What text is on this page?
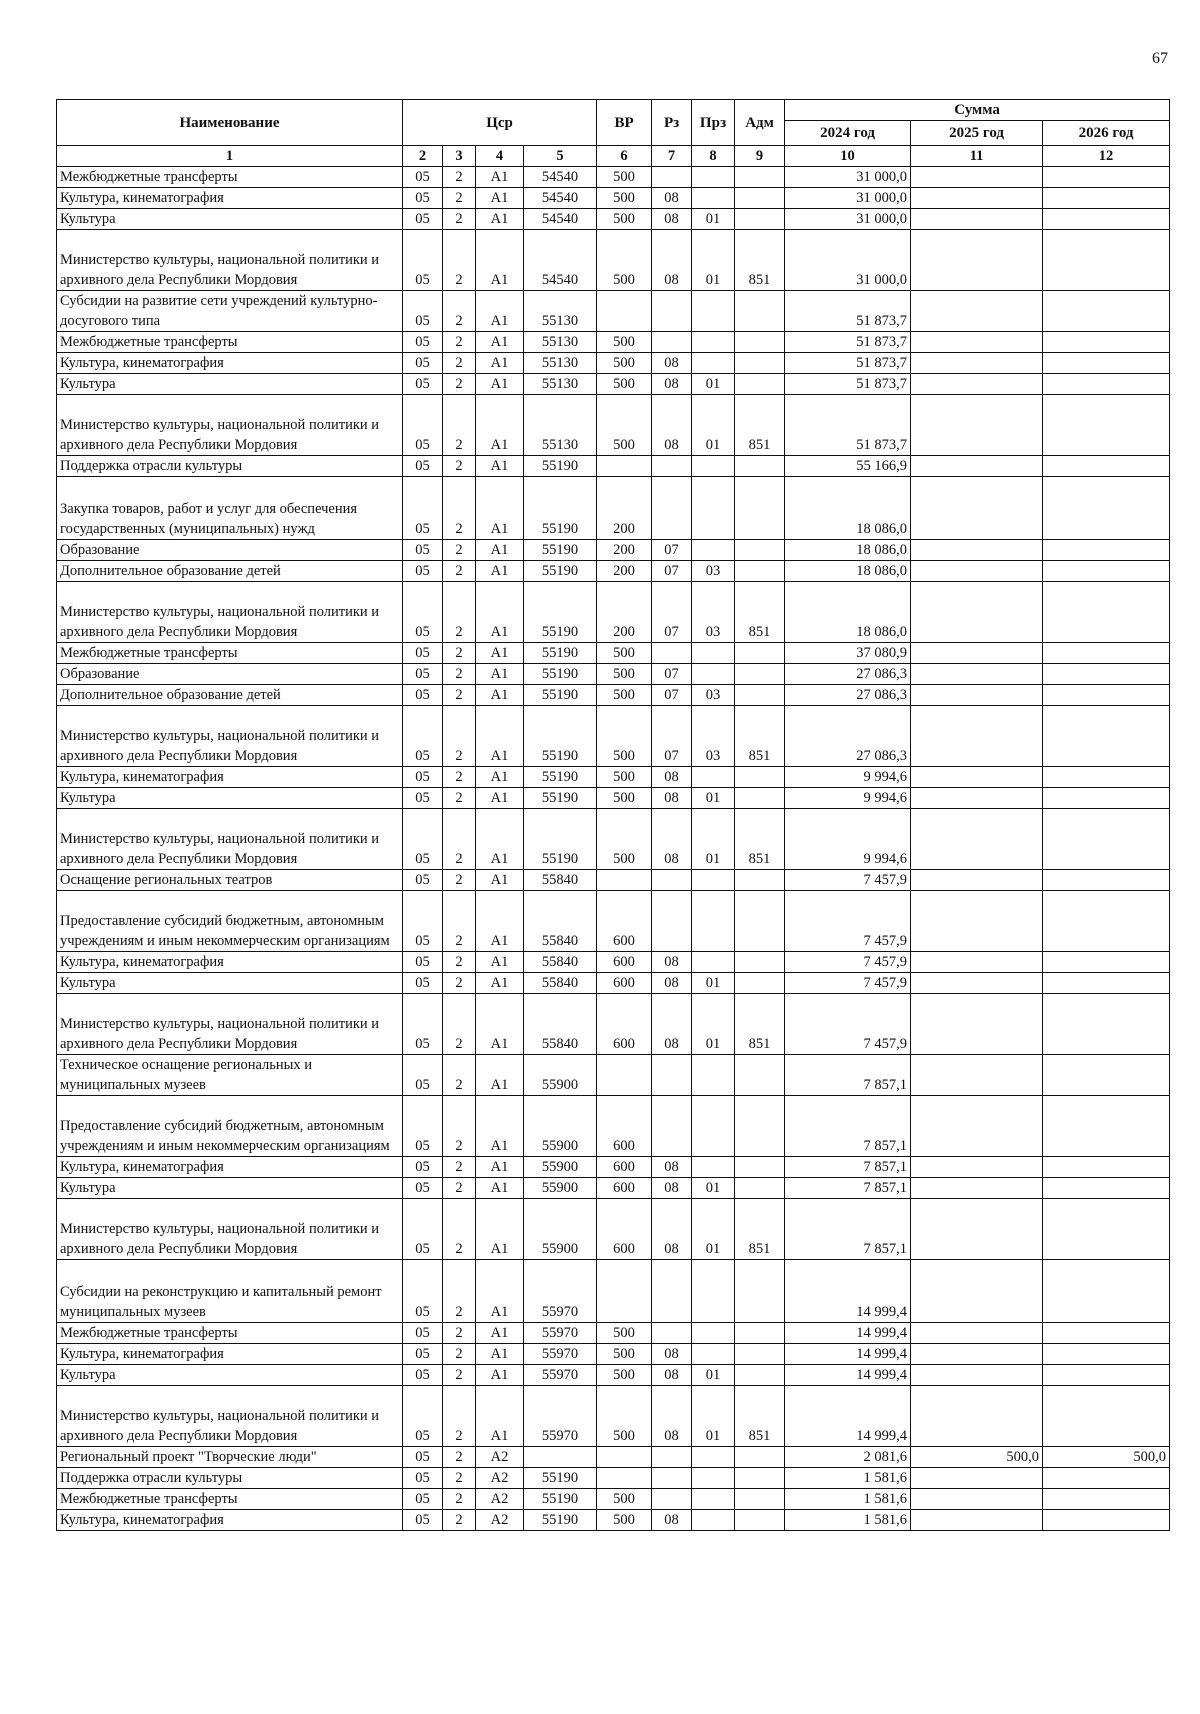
67
Наименование	Цср				ВР	Рз	Прз	Адм	Сумма		
									2024 год	2025 год	2026 год
1	2	3	4	5	6	7	8	9	10	11	12
Межбюджетные трансферты	05	2	А1	54540	500				31 000,0		
Культура, кинематография	05	2	А1	54540	500	08			31 000,0		
Культура	05	2	А1	54540	500	08	01		31 000,0		
Министерство культуры, национальной политики и архивного дела Республики Мордовия	05	2	А1	54540	500	08	01	851	31 000,0		
Субсидии на развитие сети учреждений культурно-досугового типа	05	2	А1	55130					51 873,7		
Межбюджетные трансферты	05	2	А1	55130	500				51 873,7		
Культура, кинематография	05	2	А1	55130	500	08			51 873,7		
Культура	05	2	А1	55130	500	08	01		51 873,7		
Министерство культуры, национальной политики и архивного дела Республики Мордовия	05	2	А1	55130	500	08	01	851	51 873,7		
Поддержка отрасли культуры	05	2	А1	55190					55 166,9		
Закупка товаров, работ и услуг для обеспечения государственных (муниципальных) нужд	05	2	А1	55190	200				18 086,0		
Образование	05	2	А1	55190	200	07			18 086,0		
Дополнительное образование детей	05	2	А1	55190	200	07	03		18 086,0		
Министерство культуры, национальной политики и архивного дела Республики Мордовия	05	2	А1	55190	200	07	03	851	18 086,0		
Межбюджетные трансферты	05	2	А1	55190	500				37 080,9		
Образование	05	2	А1	55190	500	07			27 086,3		
Дополнительное образование детей	05	2	А1	55190	500	07	03		27 086,3		
Министерство культуры, национальной политики и архивного дела Республики Мордовия	05	2	А1	55190	500	07	03	851	27 086,3		
Культура, кинематография	05	2	А1	55190	500	08			9 994,6		
Культура	05	2	А1	55190	500	08	01		9 994,6		
Министерство культуры, национальной политики и архивного дела Республики Мордовия	05	2	А1	55190	500	08	01	851	9 994,6		
Оснащение региональных театров	05	2	А1	55840					7 457,9		
Предоставление субсидий бюджетным, автономным учреждениям и иным некоммерческим организациям	05	2	А1	55840	600				7 457,9		
Культура, кинематография	05	2	А1	55840	600	08			7 457,9		
Культура	05	2	А1	55840	600	08	01		7 457,9		
Министерство культуры, национальной политики и архивного дела Республики Мордовия	05	2	А1	55840	600	08	01	851	7 457,9		
Техническое оснащение региональных и муниципальных музеев	05	2	А1	55900					7 857,1		
Предоставление субсидий бюджетным, автономным учреждениям и иным некоммерческим организациям	05	2	А1	55900	600				7 857,1		
Культура, кинематография	05	2	А1	55900	600	08			7 857,1		
Культура	05	2	А1	55900	600	08	01		7 857,1		
Министерство культуры, национальной политики и архивного дела Республики Мордовия	05	2	А1	55900	600	08	01	851	7 857,1		
Субсидии на реконструкцию и капитальный ремонт муниципальных музеев	05	2	А1	55970					14 999,4		
Межбюджетные трансферты	05	2	А1	55970	500				14 999,4		
Культура, кинематография	05	2	А1	55970	500	08			14 999,4		
Культура	05	2	А1	55970	500	08	01		14 999,4		
Министерство культуры, национальной политики и архивного дела Республики Мордовия	05	2	А1	55970	500	08	01	851	14 999,4		
Региональный проект "Творческие люди"	05	2	А2						2 081,6	500,0	500,0
Поддержка отрасли культуры	05	2	А2	55190					1 581,6		
Межбюджетные трансферты	05	2	А2	55190	500				1 581,6		
Культура, кинематография	05	2	А2	55190	500	08			1 581,6		
